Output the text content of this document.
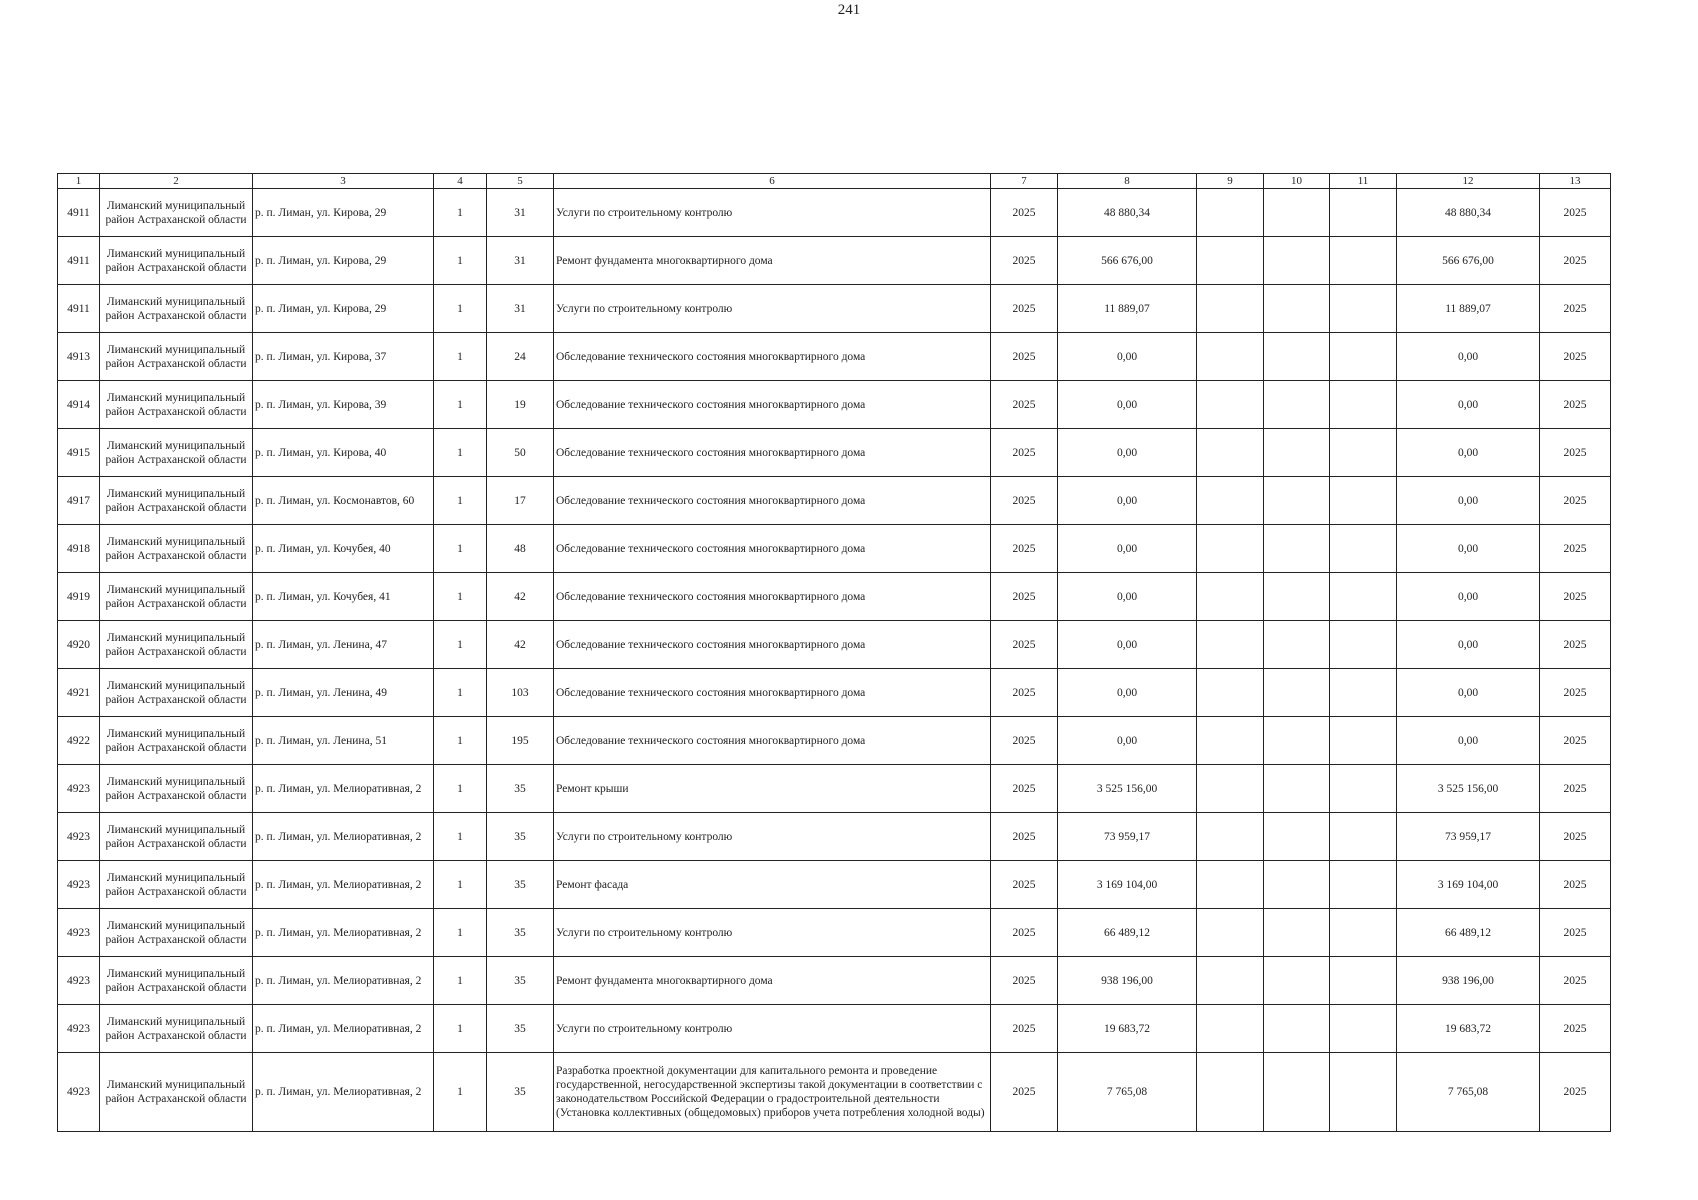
241
1	2	3	4	5	6	7	8	9	10	11	12	13
4911	Лиманский муниципальный район Астраханской области	р. п. Лиман, ул. Кирова, 29	1	31	Услуги по строительному контролю	2025	48 880,34				48 880,34	2025
4911	Лиманский муниципальный район Астраханской области	р. п. Лиман, ул. Кирова, 29	1	31	Ремонт фундамента многоквартирного дома	2025	566 676,00				566 676,00	2025
4911	Лиманский муниципальный район Астраханской области	р. п. Лиман, ул. Кирова, 29	1	31	Услуги по строительному контролю	2025	11 889,07				11 889,07	2025
4913	Лиманский муниципальный район Астраханской области	р. п. Лиман, ул. Кирова, 37	1	24	Обследование технического состояния многоквартирного дома	2025	0,00				0,00	2025
4914	Лиманский муниципальный район Астраханской области	р. п. Лиман, ул. Кирова, 39	1	19	Обследование технического состояния многоквартирного дома	2025	0,00				0,00	2025
4915	Лиманский муниципальный район Астраханской области	р. п. Лиман, ул. Кирова, 40	1	50	Обследование технического состояния многоквартирного дома	2025	0,00				0,00	2025
4917	Лиманский муниципальный район Астраханской области	р. п. Лиман, ул. Космонавтов, 60	1	17	Обследование технического состояния многоквартирного дома	2025	0,00				0,00	2025
4918	Лиманский муниципальный район Астраханской области	р. п. Лиман, ул. Кочубея, 40	1	48	Обследование технического состояния многоквартирного дома	2025	0,00				0,00	2025
4919	Лиманский муниципальный район Астраханской области	р. п. Лиман, ул. Кочубея, 41	1	42	Обследование технического состояния многоквартирного дома	2025	0,00				0,00	2025
4920	Лиманский муниципальный район Астраханской области	р. п. Лиман, ул. Ленина, 47	1	42	Обследование технического состояния многоквартирного дома	2025	0,00				0,00	2025
4921	Лиманский муниципальный район Астраханской области	р. п. Лиман, ул. Ленина, 49	1	103	Обследование технического состояния многоквартирного дома	2025	0,00				0,00	2025
4922	Лиманский муниципальный район Астраханской области	р. п. Лиман, ул. Ленина, 51	1	195	Обследование технического состояния многоквартирного дома	2025	0,00				0,00	2025
4923	Лиманский муниципальный район Астраханской области	р. п. Лиман, ул. Мелиоративная, 2	1	35	Ремонт крыши	2025	3 525 156,00				3 525 156,00	2025
4923	Лиманский муниципальный район Астраханской области	р. п. Лиман, ул. Мелиоративная, 2	1	35	Услуги по строительному контролю	2025	73 959,17				73 959,17	2025
4923	Лиманский муниципальный район Астраханской области	р. п. Лиман, ул. Мелиоративная, 2	1	35	Ремонт фасада	2025	3 169 104,00				3 169 104,00	2025
4923	Лиманский муниципальный район Астраханской области	р. п. Лиман, ул. Мелиоративная, 2	1	35	Услуги по строительному контролю	2025	66 489,12				66 489,12	2025
4923	Лиманский муниципальный район Астраханской области	р. п. Лиман, ул. Мелиоративная, 2	1	35	Ремонт фундамента многоквартирного дома	2025	938 196,00				938 196,00	2025
4923	Лиманский муниципальный район Астраханской области	р. п. Лиман, ул. Мелиоративная, 2	1	35	Услуги по строительному контролю	2025	19 683,72				19 683,72	2025
4923	Лиманский муниципальный район Астраханской области	р. п. Лиман, ул. Мелиоративная, 2	1	35	Разработка проектной документации для капитального ремонта и проведение государственной, негосударственной экспертизы такой документации в соответствии с законодательством Российской Федерации о градостроительной деятельности (Установка коллективных (общедомовых) приборов учета потребления холодной воды)	2025	7 765,08				7 765,08	2025
